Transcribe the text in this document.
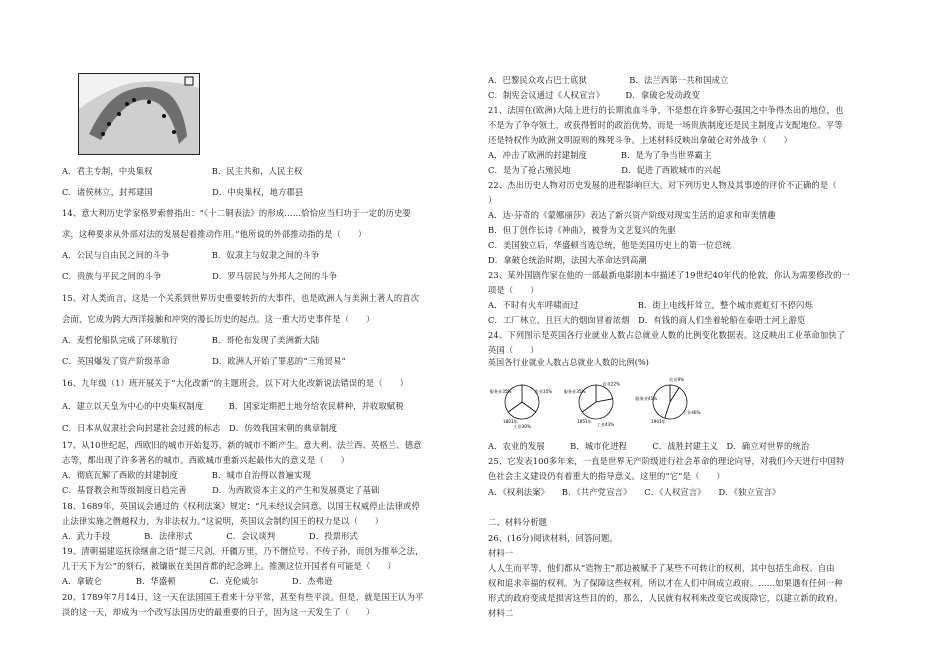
A．君主专制，中央集权　　　　　　　B．民主共和，人民主权
C．诸侯林立，封邦建国　　　　　　　D．中央集权，地方郡县
14、意大利历史学家格罗索曾指出：“《十二铜表法》的形成……恰恰应当归功于一定的历史要
求，这种要求从外部对法的发展起着推动作用。”他所说的外部推动指的是（　　）
A．公民与自由民之间的斗争　　　　　B．奴隶主与奴隶之间的斗争
C．贵族与平民之间的斗争　　　　　　D．罗马居民与外邦人之间的斗争
15、对人类而言，这是一个关系到世界历史重要转折的大事件，也是欧洲人与美洲土著人的首次
会面，它成为跨大西洋接触和冲突的漫长历史的起点。这一重大历史事件是（　　）
A．麦哲伦船队完成了环球航行　　　　B．哥伦布发现了美洲新大陆
C．英国爆发了资产阶级革命　　　　　D．欧洲人开始了罪恶的“三角贸易”
16、九年级（1）班开展关于“大化改新”的主题班会，以下对大化改新说法错误的是（　　）
A．建立以天皇为中心的中央集权制度　　　B．国家定期把土地分给农民耕种，并收取赋税
C．日本从奴隶社会向封建社会过渡的标志　D．仿效我国宋朝的典章制度
17、从10世纪起，西欧旧的城市开始复苏，新的城市不断产生。意大利、法兰西、英格兰、德意
志等，都出现了许多著名的城市。西欧城市重新兴起最伟大的意义是（　　）
A．彻底瓦解了西欧的封建制度　　　　B．城市自治得以普遍实现
C．基督教会和等级制度日趋完善　　　D．为西欧资本主义的产生和发展奠定了基础
18、1689年，英国议会通过的《权利法案》规定：“凡未经议会同意，以国王权威停止法律或停
止法律实施之僭越权力，为非法权力。”这说明，英国议会制约国王的权力是以（　　）
A．武力手段　　　　B．法律形式　　　　C．会议谈判　　　　D．投票形式
19、清朝福建巡抚徐继畬之语“提三尺剑，开疆万里，乃不僭位号、不传子孙，而创为推举之法，
几于天下为公”的刻石，被镶嵌在美国首都的纪念碑上。推测这位开国者有可能是（　　）
A．拿破仑　　　　B．华盛顿　　　　C．克伦威尔　　　　D．杰弗逊
20、1789年7月14日，这一天在法国国王看来十分平常，甚至有些平淡。但是，就是国王认为平
淡的这一天，却成为一个改写法国历史的最重要的日子，因为这一天发生了（　　）
A．巴黎民众攻占巴士底狱　　　　　B．法兰西第一共和国成立
C．制宪会议通过《人权宣言》　　　D．拿破仑发动政变
21、法国在(欧洲)大陆上进行的长期流血斗争，不是想在许多野心强国之中争得杰出的地位，也
不是为了争夺领土，或获得暂时的政治优势，而是一场贵族制度还是民主制度占支配地位、平等
还是特权作为欧洲文明原则的殊死斗争。上述材料反映出拿破仑对外战争（　　）
A．冲击了欧洲的封建制度　　　　B．是为了争当世界霸主
C．是为了抢占殖民地　　　　　　D．促进了西欧城市的兴起
22、杰出历史人物对历史发展的进程影响巨大。对下列历史人物及其事迹的评价不正确的是（
）
A．达·芬奇的《蒙娜丽莎》表达了新兴资产阶级对现实生活的追求和审美情趣
B．但丁创作长诗《神曲》，被誉为文艺复兴的先驱
C．美国独立后，华盛顿当选总统，他是美国历史上的第一位总统
D．拿破仑统治时期，法国大革命达到高潮
23、某外国剧作家在他的一部最新电影剧本中描述了19世纪40年代的伦敦，你认为需要修改的一
项是（　　）
A．不时有火车呼啸而过　　　　　　　B．街上电线杆耸立，整个城市霓虹灯不停闪烁
C．工厂林立，且巨大的烟囱冒着浓烟　D．有钱的商人们坐着轮船在泰晤士河上游览
24、下列图示是英国各行业就业人数占总就业人数的比例变化数据表。这反映出工业革命加快了
英国（　　）
英国各行业就业人数占总就业人数的比例(%)
农业35%
工业30%
服务业35%
1801年
农业22%
工业43%
服务业35%
1851年
农业9%
工业46%
服务业45%
1901年
A．农业的发展　　　B．城市化进程　　　C．战胜封建主义　D．确立对世界的统治
25、它发表100多年来，一直是世界无产阶级进行社会革命的理论向导，对我们今天进行中国特
色社会主义建设仍有着重大的指导意义。这里的“它”是（　　）
A．《权利法案》　　B．《共产党宣言》　　C．《人权宣言》　　D．《独立宣言》
二、材料分析题
26、(16分)阅读材料，回答问题。
材料一
人人生而平等，他们都从“造物主”那边被赋予了某些不可转让的权利，其中包括生命权、自由
权和追求幸福的权利。为了保障这些权利，所以才在人们中间成立政府。……如果遇有任何一种
形式的政府变成是损害这些目的的，那么，人民就有权利来改变它或废除它，以建立新的政府。
材料二
